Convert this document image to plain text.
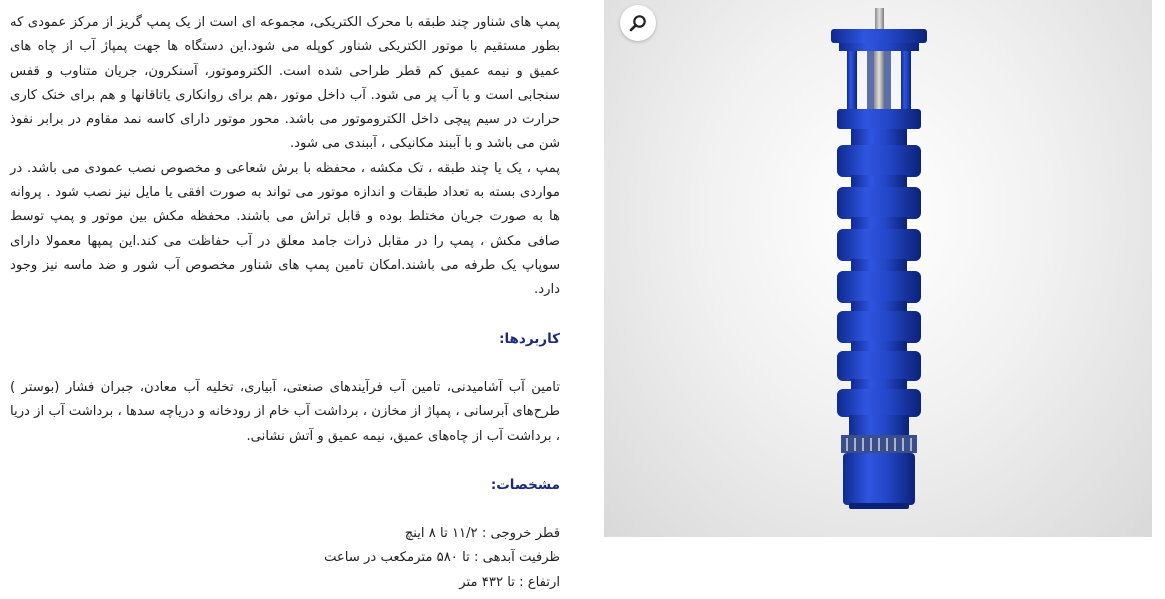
پمپ های شناور چند طبقه با محرک الکتریکی، مجموعه ای است از یک پمپ گریز از مرکز عمودی که بطور مستقیم با موتور الکتریکی شناور کوپله می شود.این دستگاه ها جهت پمپاژ آب از چاه های عمیق و نیمه عمیق کم قطر طراحی شده است. الکتروموتور، آسنکرون، جریان متناوب و قفس سنجابی است و با آب پر می شود. آب داخل موتور ،هم برای روانکاری یاتاقانها و هم برای خنک کاری حرارت در سیم پیچی داخل الکتروموتور می باشد. محور موتور دارای کاسه نمد مقاوم در برابر نفوذ شن می باشد و با آببند مکانیکی ، آببندی می شود.
پمپ ، یک یا چند طبقه ، تک مکشه ، محفظه با برش شعاعی و مخصوص نصب عمودی می باشد. در مواردی بسته به تعداد طبقات و اندازه موتور می تواند به صورت افقی یا مایل نیز نصب شود . پروانه ها به صورت جریان مختلط بوده و قابل تراش می باشند. محفظه مکش بین موتور و پمپ توسط صافی مکش ، پمپ را در مقابل ذرات جامد معلق در آب حفاظت می کند.این پمپها معمولا دارای سوپاپ یک طرفه می باشند.امکان تامین پمپ های شناور مخصوص آب شور و ضد ماسه نیز وجود دارد.

کاربردها:

تامین آب آشامیدنی، تامین آب فرآیندهای صنعتی، آبیاری، تخلیه آب معادن، جبران فشار (بوستر ) طرح‌های آبرسانی ، پمپاژ از مخازن ، برداشت آب خام از رودخانه و دریاچه سدها ، برداشت آب از دریا ، برداشت آب از چاه‌های عمیق، نیمه عمیق و آتش نشانی.

مشخصات:
قطر خروجی : ۱۱/۲ تا ۸ اینچ
ظرفیت آبدهی : تا ۵۸۰ مترمکعب در ساعت
ارتفاع : تا ۴۳۲ متر
